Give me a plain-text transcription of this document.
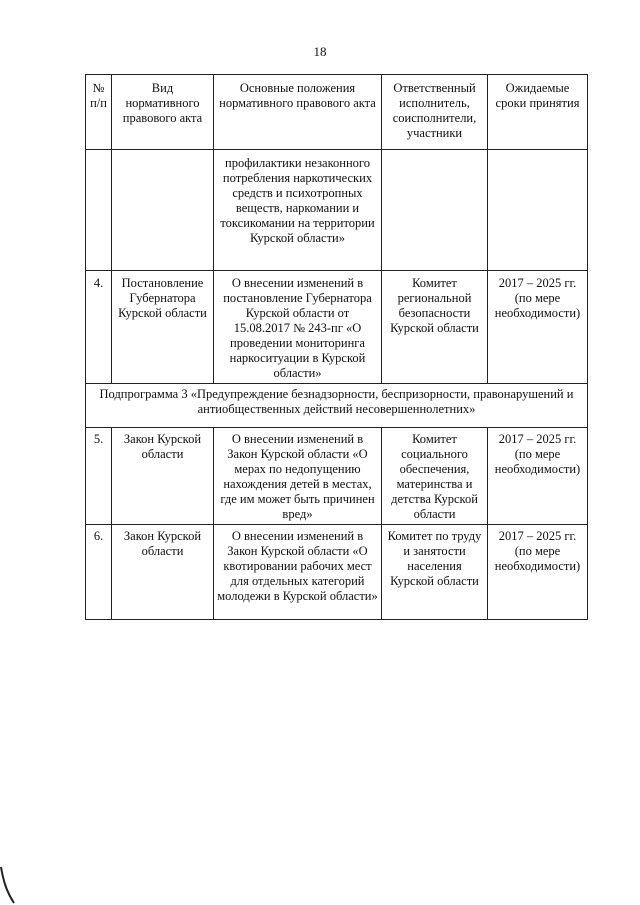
18
№ п/п	Вид нормативного правового акта	Основные положения нормативного правового акта	Ответственный исполнитель, соисполнители, участники	Ожидаемые сроки принятия
		профилактики незаконного потребления наркотических средств и психотропных веществ, наркомании и токсикомании на территории Курской области»		
4.	Постановление Губернатора Курской области	О внесении изменений в постановление Губернатора Курской области от 15.08.2017 № 243-пг «О проведении мониторинга наркоситуации в Курской области»	Комитет региональной безопасности Курской области	2017 – 2025 гг. (по мере необходимости)
Подпрограмма 3 «Предупреждение безнадзорности, беспризорности, правонарушений и антиобщественных действий несовершеннолетних»				
5.	Закон Курской области	О внесении изменений в Закон Курской области «О мерах по недопущению нахождения детей в местах, где им может быть причинен вред»	Комитет социального обеспечения, материнства и детства Курской области	2017 – 2025 гг. (по мере необходимости)
6.	Закон Курской области	О внесении изменений в Закон Курской области «О квотировании рабочих мест для отдельных категорий молодежи в Курской области»	Комитет по труду и занятости населения Курской области	2017 – 2025 гг. (по мере необходимости)
